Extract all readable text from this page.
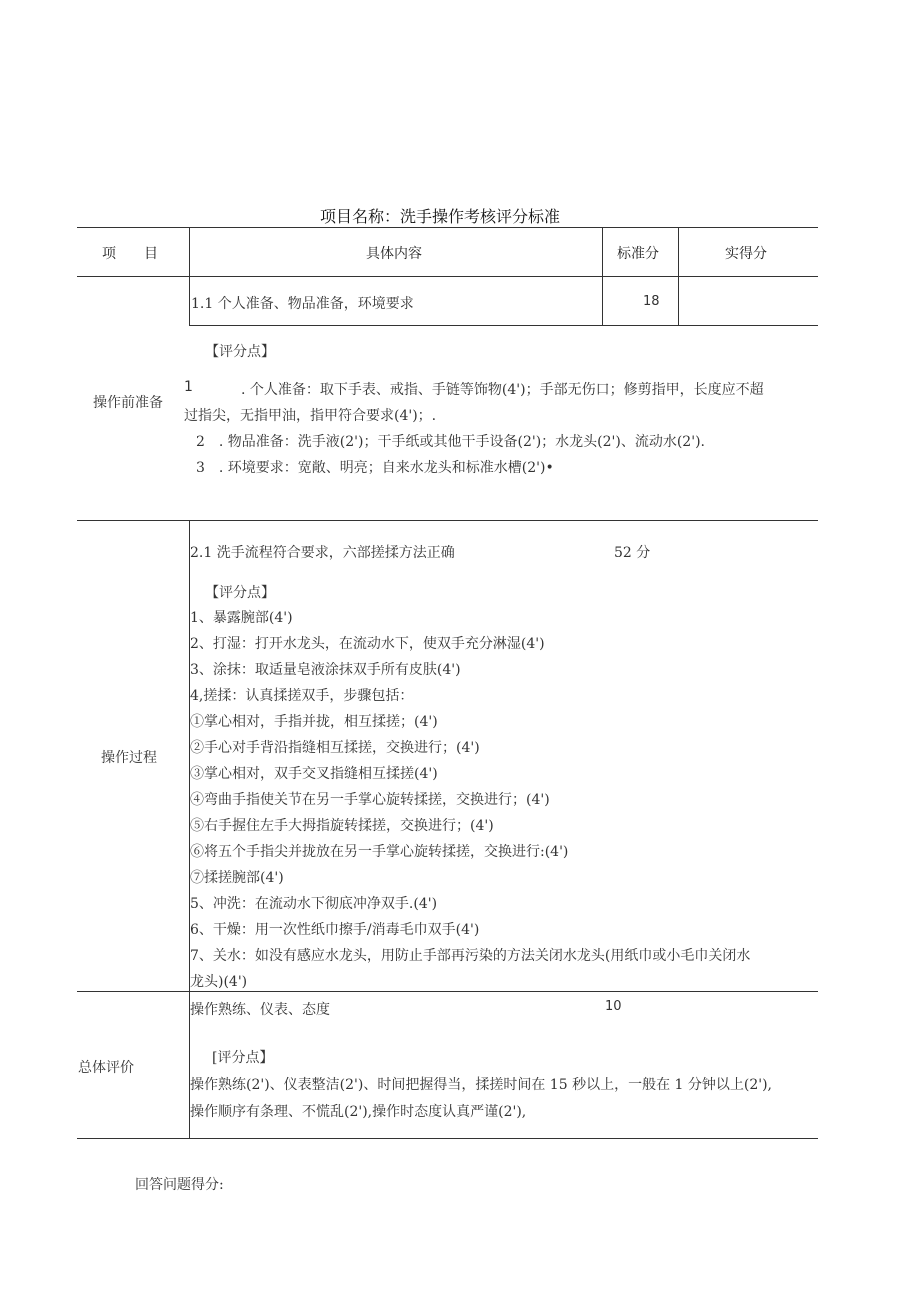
项目名称：洗手操作考核评分标准
项　　目	具体内容	标准分	实得分
操作前准备
1.1 个人准备、物品准备，环境要求	18
【评分点】
1	. 个人准备：取下手表、戒指、手链等饰物(4')；手部无伤口；修剪指甲，长度应不超
过指尖，无指甲油，指甲符合要求(4')；.
2　. 物品准备：洗手液(2')；干手纸或其他干手设备(2')；水龙头(2')、流动水(2').
3　. 环境要求：宽敞、明亮；自来水龙头和标准水槽(2')•
操作过程
2.1 洗手流程符合要求，六部搓揉方法正确	52 分
【评分点】
1、暴露腕部(4')
2、打湿：打开水龙头，在流动水下，使双手充分淋湿(4')
3、涂抹：取适量皂液涂抹双手所有皮肤(4')
4,搓揉：认真揉搓双手，步骤包括：
①掌心相对，手指并拢，相互揉搓；(4')
②手心对手背沿指缝相互揉搓，交换进行；(4')
③掌心相对，双手交叉指缝相互揉搓(4')
④弯曲手指使关节在另一手掌心旋转揉搓，交换进行；(4')
⑤右手握住左手大拇指旋转揉搓，交换进行；(4')
⑥将五个手指尖并拢放在另一手掌心旋转揉搓，交换进行:(4')
⑦揉搓腕部(4')
5、冲洗：在流动水下彻底冲净双手.(4')
6、干燥：用一次性纸巾擦手/消毒毛巾双手(4')
7、关水：如没有感应水龙头，用防止手部再污染的方法关闭水龙头(用纸巾或小毛巾关闭水
龙头)(4')
总体评价
操作熟练、仪表、态度	10
[评分点】
操作熟练(2')、仪表整洁(2')、时间把握得当，揉搓时间在 15 秒以上，一般在 1 分钟以上(2'),
操作顺序有条理、不慌乱(2'),操作时态度认真严谨(2'),
回答问题得分:
